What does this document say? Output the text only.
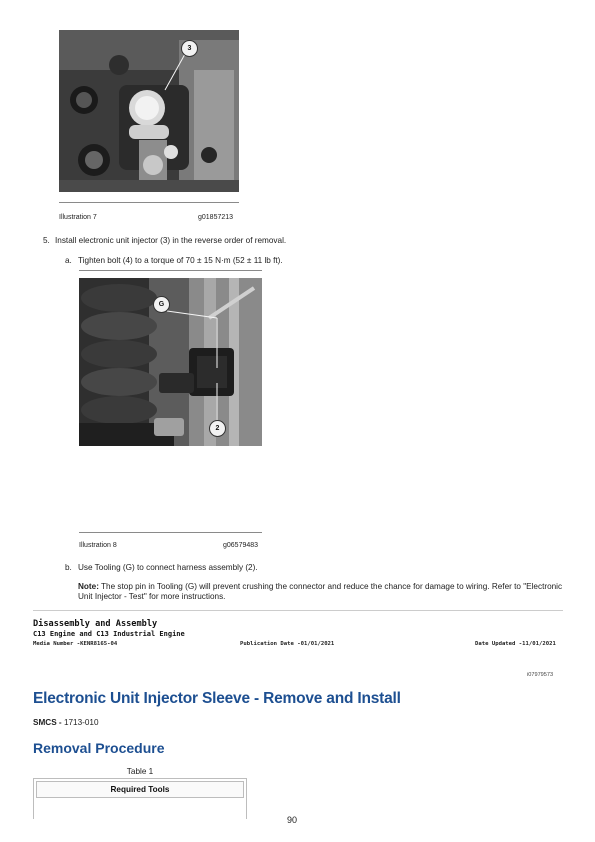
3
Illustration 7	g01857213
5. Install electronic unit injector (3) in the reverse order of removal.
a. Tighten bolt (4) to a torque of 70 ± 15 N·m (52 ± 11 lb ft).
G
2
Illustration 8	g06579483
b. Use Tooling (G) to connect harness assembly (2).
Note: The stop pin in Tooling (G) will prevent crushing the connector and reduce the chance for damage to wiring. Refer to "Electronic Unit Injector - Test" for more instructions.
Disassembly and Assembly
C13 Engine and C13 Industrial Engine
Media Number -KENR8165-04	Publication Date -01/01/2021	Date Updated -11/01/2021
i07979573
Electronic Unit Injector Sleeve - Remove and Install
SMCS - 1713-010
Removal Procedure
Table 1
Required Tools
90
